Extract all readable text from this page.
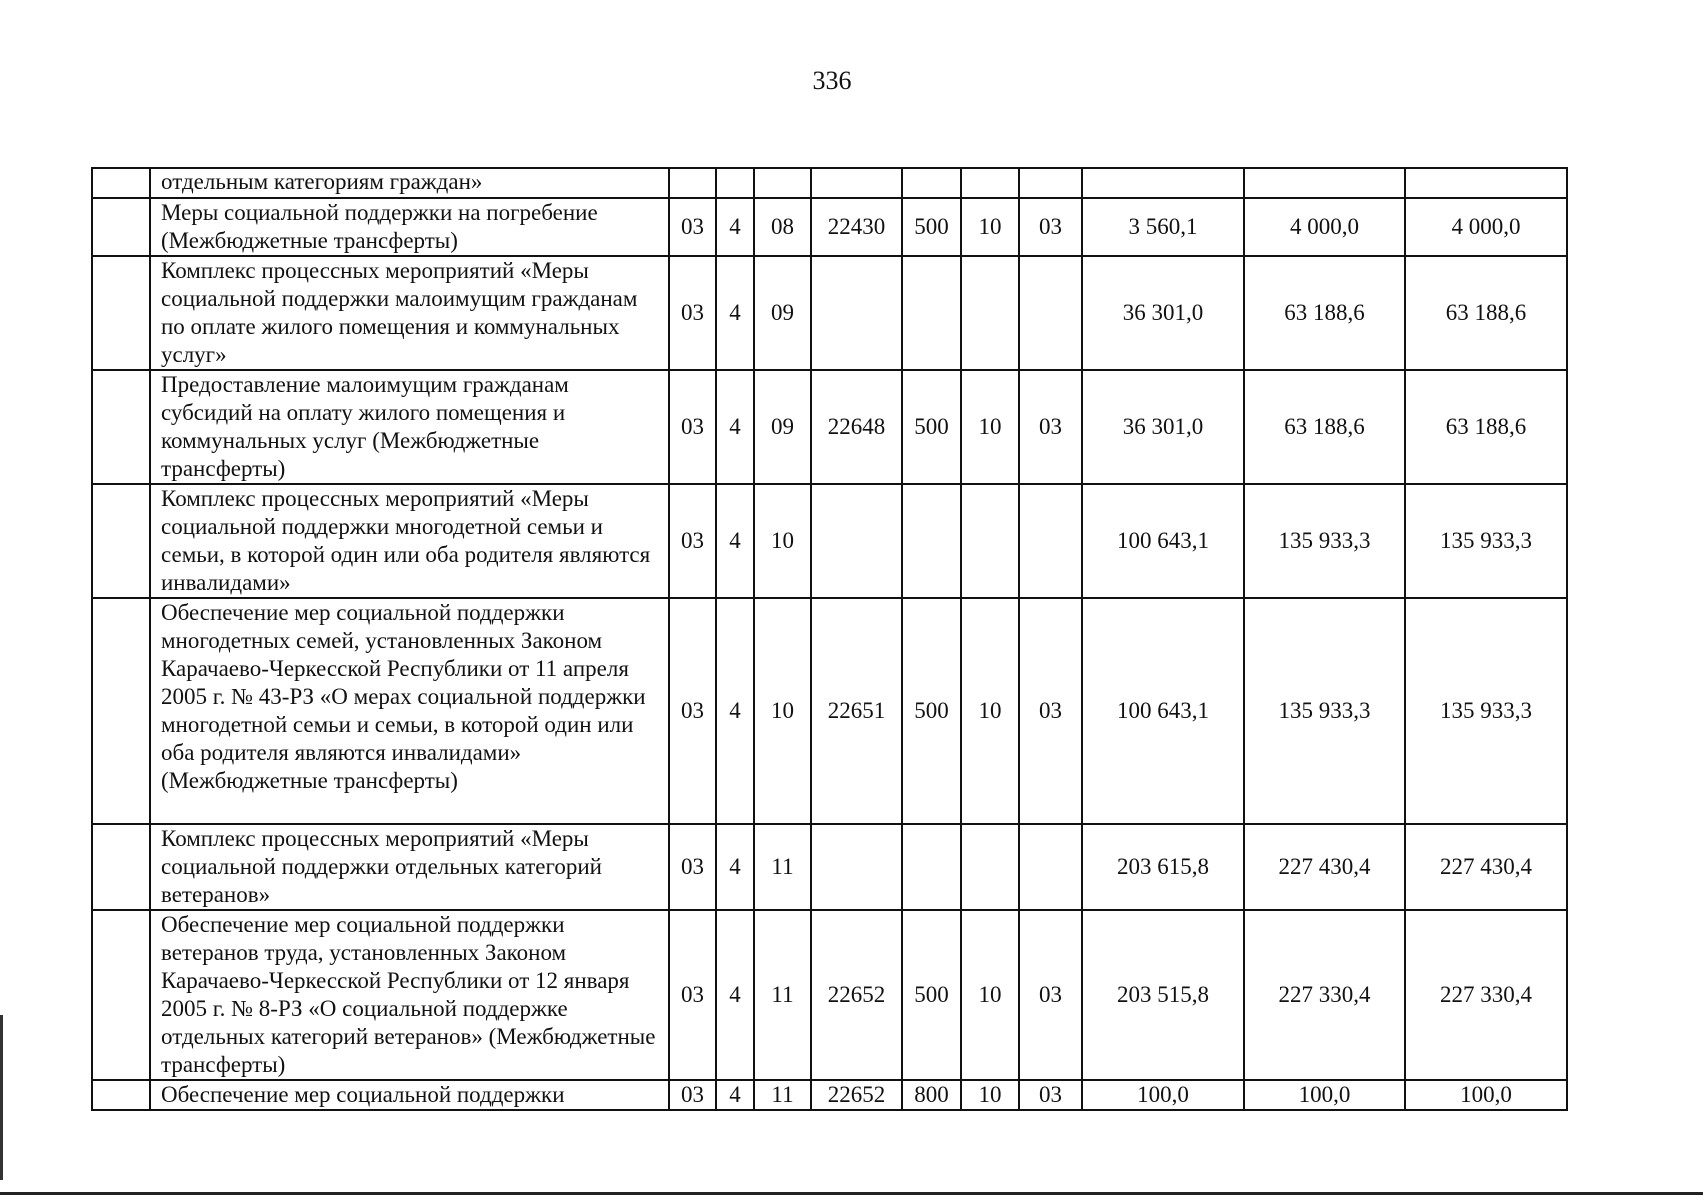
336
	отдельным категориям граждан»										
	Меры социальной поддержки на погребение (Межбюджетные трансферты)	03	4	08	22430	500	10	03	3 560,1	4 000,0	4 000,0
	Комплекс процессных мероприятий «Меры социальной поддержки малоимущим гражданам по оплате жилого помещения и коммунальных услуг»	03	4	09					36 301,0	63 188,6	63 188,6
	Предоставление малоимущим гражданам субсидий на оплату жилого помещения и коммунальных услуг (Межбюджетные трансферты)	03	4	09	22648	500	10	03	36 301,0	63 188,6	63 188,6
	Комплекс процессных мероприятий «Меры социальной поддержки многодетной семьи и семьи, в которой один или оба родителя являются инвалидами»	03	4	10					100 643,1	135 933,3	135 933,3
	Обеспечение мер социальной поддержки многодетных семей, установленных Законом Карачаево-Черкесской Республики от 11 апреля 2005 г. № 43-РЗ «О мерах социальной поддержки многодетной семьи и семьи, в которой один или оба родителя являются инвалидами» (Межбюджетные трансферты)	03	4	10	22651	500	10	03	100 643,1	135 933,3	135 933,3
	Комплекс процессных мероприятий «Меры социальной поддержки отдельных категорий ветеранов»	03	4	11					203 615,8	227 430,4	227 430,4
	Обеспечение мер социальной поддержки ветеранов труда, установленных Законом Карачаево-Черкесской Республики от 12 января 2005 г. № 8-РЗ «О социальной поддержке отдельных категорий ветеранов» (Межбюджетные трансферты)	03	4	11	22652	500	10	03	203 515,8	227 330,4	227 330,4
	Обеспечение мер социальной поддержки	03	4	11	22652	800	10	03	100,0	100,0	100,0
